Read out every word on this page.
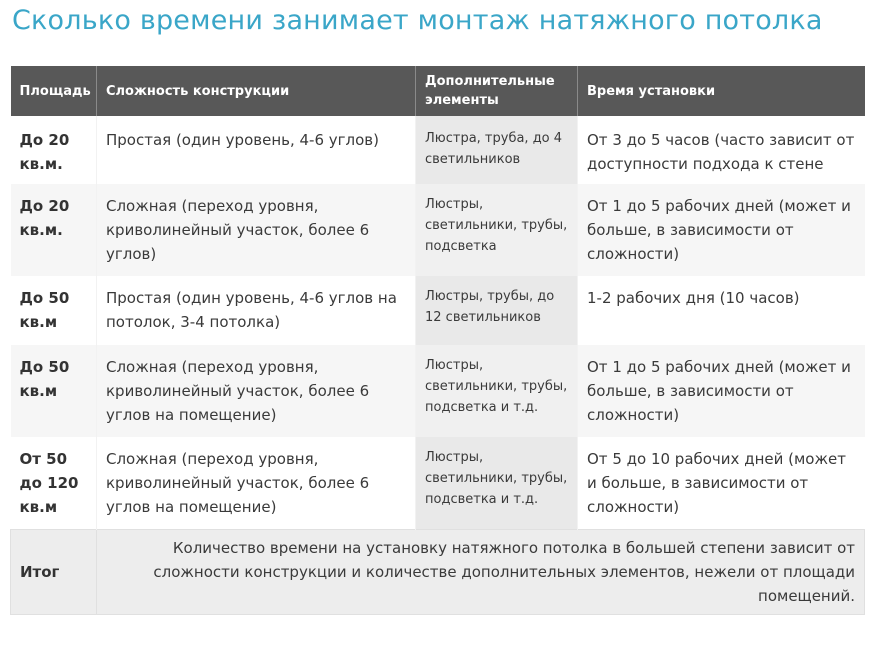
Сколько времени занимает монтаж натяжного потолка
Площадь	Сложность конструкции	Дополнительные элементы	Время установки
До 20 кв.м.	Простая (один уровень, 4-6 углов)	Люстра, труба, до 4 светильников	От 3 до 5 часов (часто зависит от доступности подхода к стене
До 20 кв.м.	Сложная (переход уровня, криволинейный участок, более 6 углов)	Люстры, светильники, трубы, подсветка	От 1 до 5 рабочих дней (может и больше, в зависимости от сложности)
До 50 кв.м	Простая (один уровень, 4-6 углов на потолок, 3-4 потолка)	Люстры, трубы, до 12 светильников	1-2 рабочих дня (10 часов)
До 50 кв.м	Сложная (переход уровня, криволинейный участок, более 6 углов на помещение)	Люстры, светильники, трубы, подсветка и т.д.	От 1 до 5 рабочих дней (может и больше, в зависимости от сложности)
От 50 до 120 кв.м	Сложная (переход уровня, криволинейный участок, более 6 углов на помещение)	Люстры, светильники, трубы, подсветка и т.д.	От 5 до 10 рабочих дней (может и больше, в зависимости от сложности)
Итог	Количество времени на установку натяжного потолка в большей степени зависит от сложности конструкции и количестве дополнительных элементов, нежели от площади помещений.		
